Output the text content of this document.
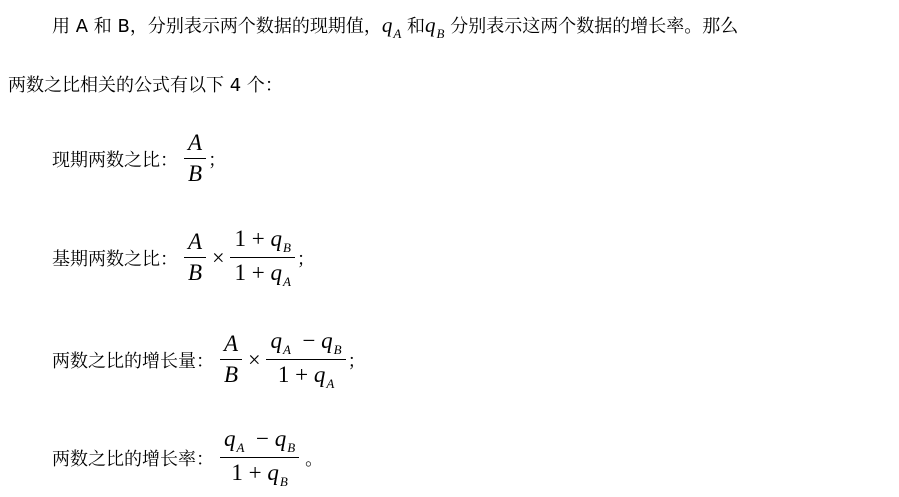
用 A 和 B，分别表示两个数据的现期值，$q_A$ 和$q_B$ 分别表示这两个数据的增长率。那么
两数之比相关的公式有以下 4 个：
现期两数之比： $\frac{A}{B}$ ；
基期两数之比： $\frac{A}{B} \times \frac{1 + q_B}{1 + q_A}$ ；
两数之比的增长量： $\frac{A}{B} \times \frac{q_A - q_B}{1 + q_A}$ ；
两数之比的增长率： $\frac{q_A - q_B}{1 + q_B}$ 。
